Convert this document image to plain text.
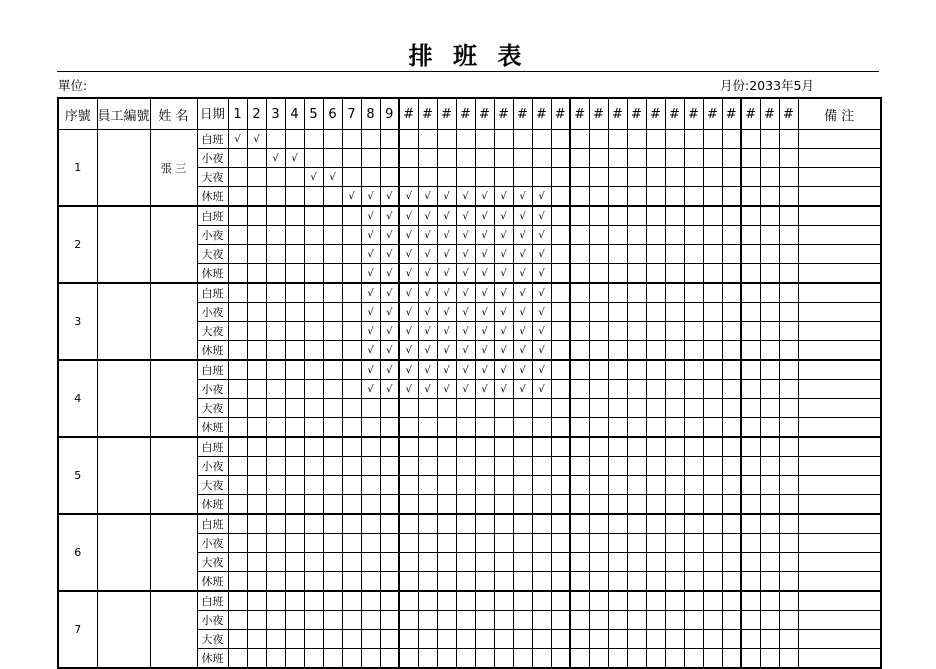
排 班 表
單位:	月份:2033年5月
序號	員工編號	姓 名	日期	1	2	3	4	5	6	7	8	9	#	#	#	#	#	#	#	#	#	#	#	#	#	#	#	#	#	#	#	#	#	備 注
1		張 三	白班	√	√																													
			小夜			√	√																											
			大夜					√	√																									
			休班							√	√	√	√	√	√	√	√	√	√	√														
2			白班								√	√	√	√	√	√	√	√	√	√														
			小夜								√	√	√	√	√	√	√	√	√	√														
			大夜								√	√	√	√	√	√	√	√	√	√														
			休班								√	√	√	√	√	√	√	√	√	√														
3			白班								√	√	√	√	√	√	√	√	√	√														
			小夜								√	√	√	√	√	√	√	√	√	√														
			大夜								√	√	√	√	√	√	√	√	√	√														
			休班								√	√	√	√	√	√	√	√	√	√														
4			白班								√	√	√	√	√	√	√	√	√	√														
			小夜								√	√	√	√	√	√	√	√	√	√														
			大夜																															
			休班																															
5			白班																															
			小夜																															
			大夜																															
			休班																															
6			白班																															
			小夜																															
			大夜																															
			休班																															
7			白班																															
			小夜																															
			大夜																															
			休班																															
